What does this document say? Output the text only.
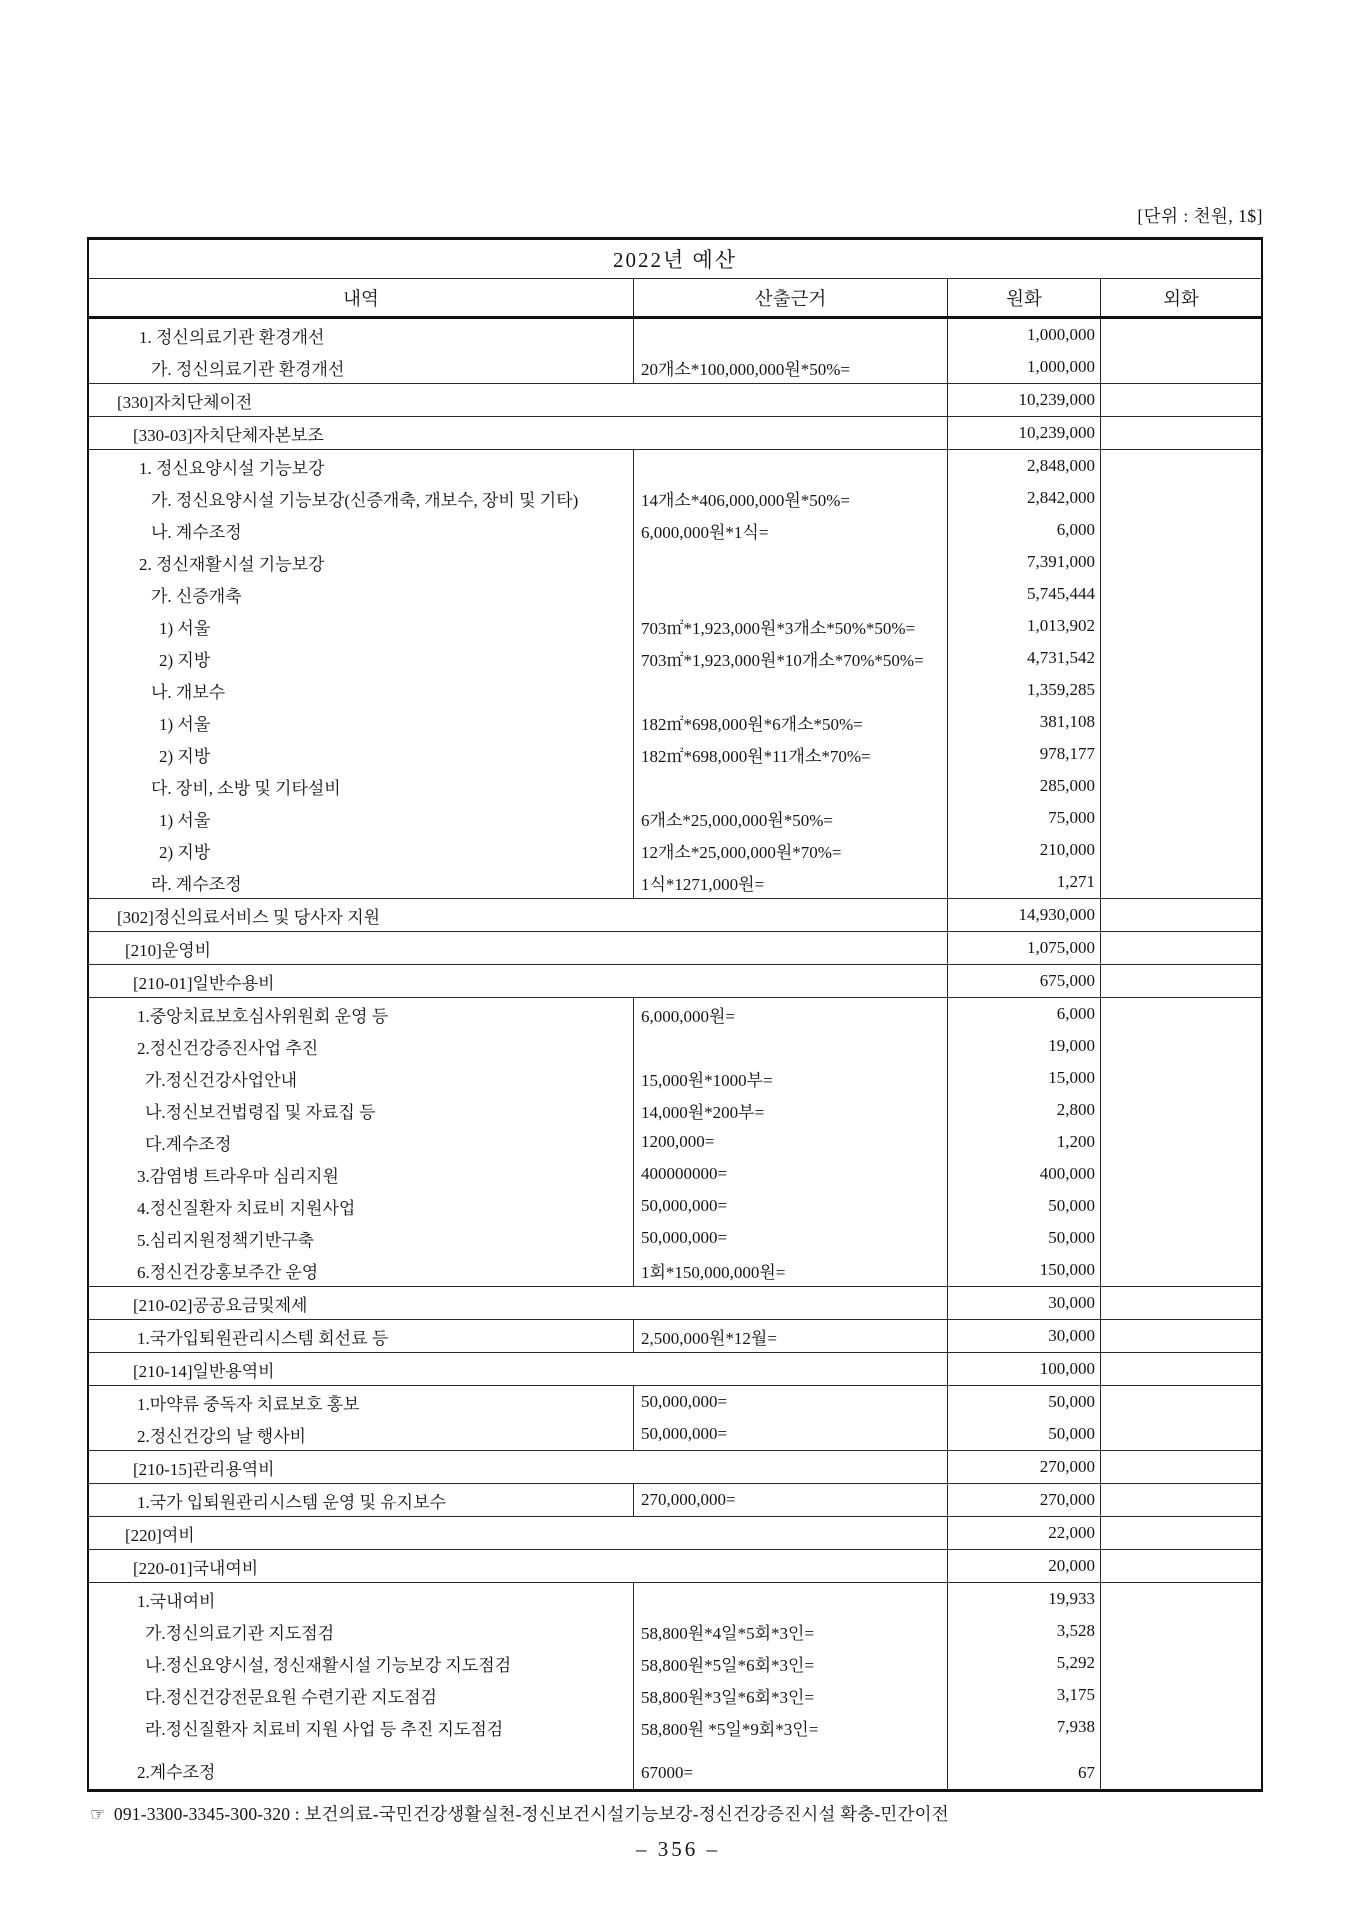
[단위 : 천원, 1$]
2022년 예산
내역	산출근거	원화	외화
1. 정신의료기관 환경개선	1,000,000
가. 정신의료기관 환경개선	20개소*100,000,000원*50%=	1,000,000
[330]자치단체이전	10,239,000
[330-03]자치단체자본보조	10,239,000
1. 정신요양시설 기능보강	2,848,000
가. 정신요양시설 기능보강(신증개축, 개보수, 장비 및 기타)	14개소*406,000,000원*50%=	2,842,000
나. 계수조정	6,000,000원*1식=	6,000
2. 정신재활시설 기능보강	7,391,000
가. 신증개축	5,745,444
1) 서울	703㎡*1,923,000원*3개소*50%*50%=	1,013,902
2) 지방	703㎡*1,923,000원*10개소*70%*50%=	4,731,542
나. 개보수	1,359,285
1) 서울	182㎡*698,000원*6개소*50%=	381,108
2) 지방	182㎡*698,000원*11개소*70%=	978,177
다. 장비, 소방 및 기타설비	285,000
1) 서울	6개소*25,000,000원*50%=	75,000
2) 지방	12개소*25,000,000원*70%=	210,000
라. 계수조정	1식*1271,000원=	1,271
[302]정신의료서비스 및 당사자 지원	14,930,000
[210]운영비	1,075,000
[210-01]일반수용비	675,000
1.중앙치료보호심사위원회 운영 등	6,000,000원=	6,000
2.정신건강증진사업 추진	19,000
가.정신건강사업안내	15,000원*1000부=	15,000
나.정신보건법령집 및 자료집 등	14,000원*200부=	2,800
다.계수조정	1200,000=	1,200
3.감염병 트라우마 심리지원	400000000=	400,000
4.정신질환자 치료비 지원사업	50,000,000=	50,000
5.심리지원정책기반구축	50,000,000=	50,000
6.정신건강홍보주간 운영	1회*150,000,000원=	150,000
[210-02]공공요금및제세	30,000
1.국가입퇴원관리시스템 회선료 등	2,500,000원*12월=	30,000
[210-14]일반용역비	100,000
1.마약류 중독자 치료보호 홍보	50,000,000=	50,000
2.정신건강의 날 행사비	50,000,000=	50,000
[210-15]관리용역비	270,000
1.국가 입퇴원관리시스템 운영 및 유지보수	270,000,000=	270,000
[220]여비	22,000
[220-01]국내여비	20,000
1.국내여비	19,933
가.정신의료기관 지도점검	58,800원*4일*5회*3인=	3,528
나.정신요양시설, 정신재활시설 기능보강 지도점검	58,800원*5일*6회*3인=	5,292
다.정신건강전문요원 수련기관 지도점검	58,800원*3일*6회*3인=	3,175
라.정신질환자 치료비 지원 사업 등 추진 지도점검	58,800원 *5일*9회*3인=	7,938
2.계수조정	67000=	67
☞ 091-3300-3345-300-320 : 보건의료-국민건강생활실천-정신보건시설기능보강-정신건강증진시설 확충-민간이전
– 356 –
